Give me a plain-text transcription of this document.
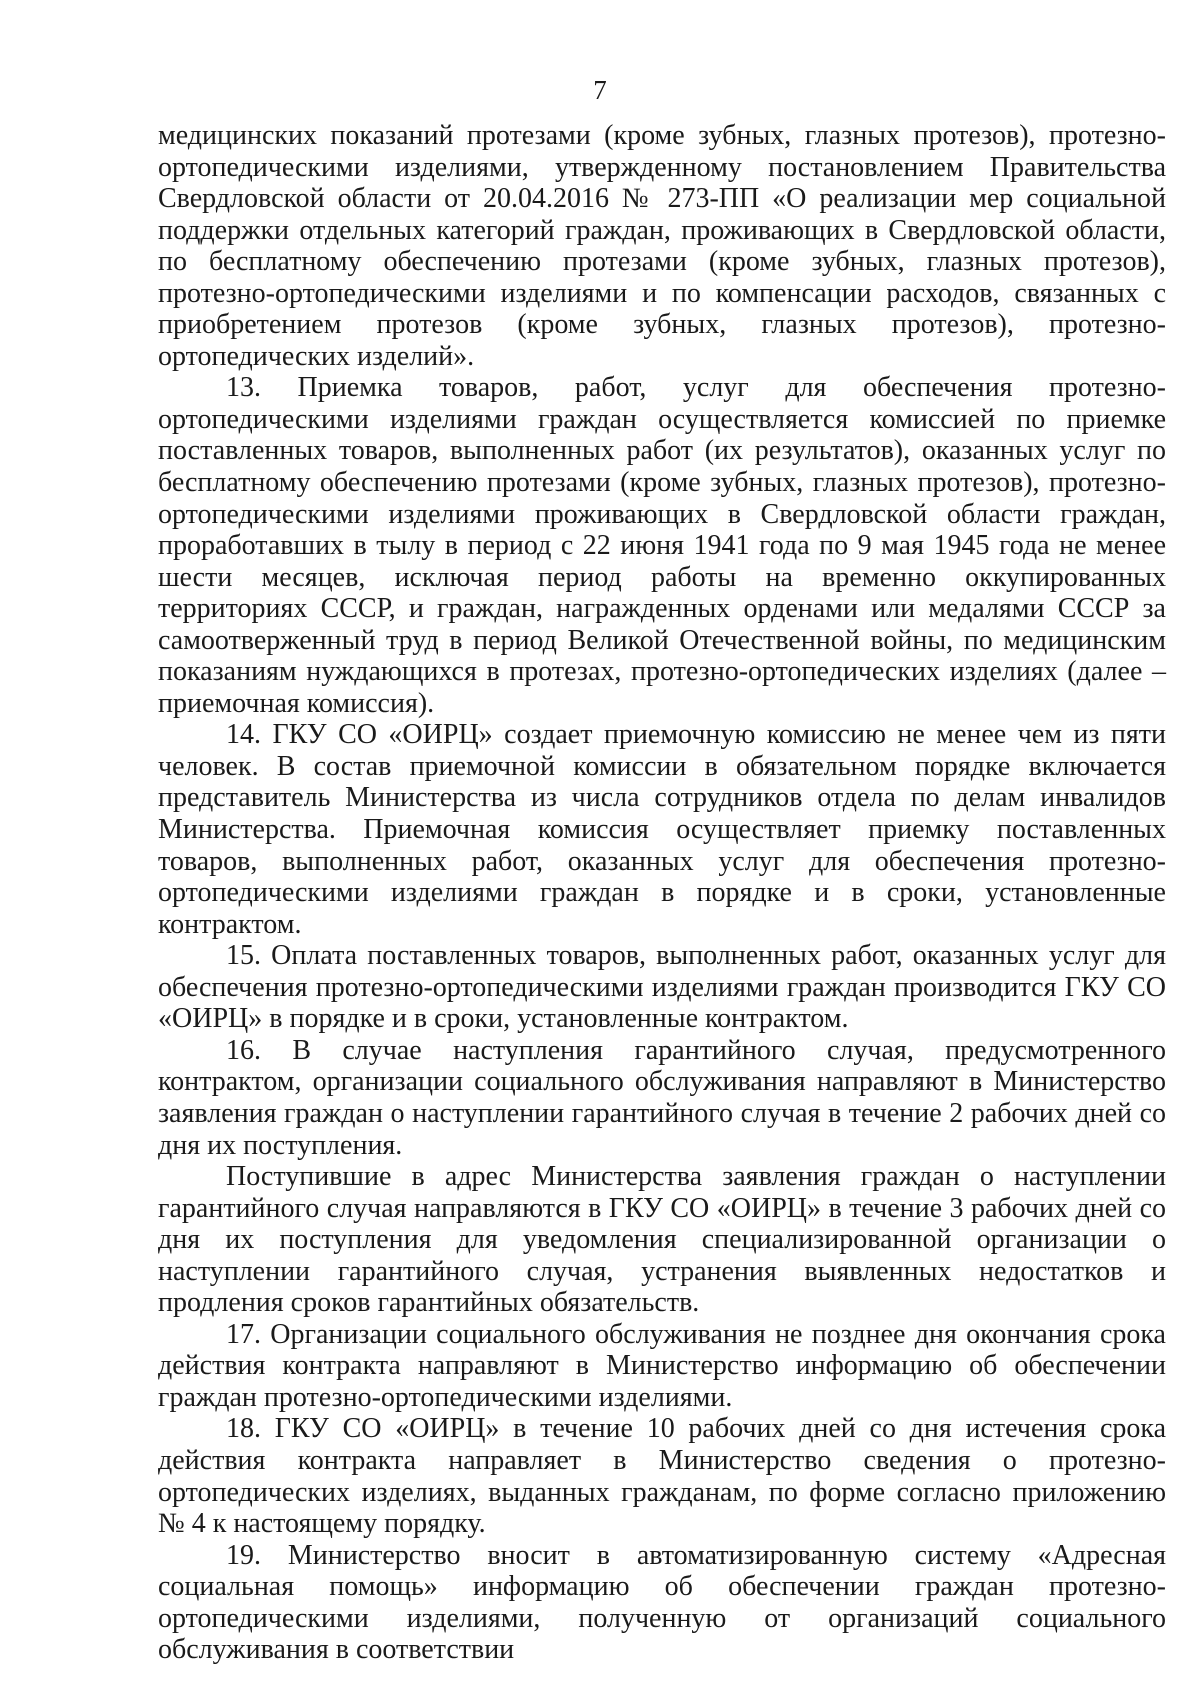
7

медицинских показаний протезами (кроме зубных, глазных протезов), протезно-ортопедическими изделиями, утвержденному постановлением Правительства Свердловской области от 20.04.2016 № 273-ПП «О реализации мер социальной поддержки отдельных категорий граждан, проживающих в Свердловской области, по бесплатному обеспечению протезами (кроме зубных, глазных протезов), протезно-ортопедическими изделиями и по компенсации расходов, связанных с приобретением протезов (кроме зубных, глазных протезов), протезно-ортопедических изделий».

13. Приемка товаров, работ, услуг для обеспечения протезно-ортопедическими изделиями граждан осуществляется комиссией по приемке поставленных товаров, выполненных работ (их результатов), оказанных услуг по бесплатному обеспечению протезами (кроме зубных, глазных протезов), протезно-ортопедическими изделиями проживающих в Свердловской области граждан, проработавших в тылу в период с 22 июня 1941 года по 9 мая 1945 года не менее шести месяцев, исключая период работы на временно оккупированных территориях СССР, и граждан, награжденных орденами или медалями СССР за самоотверженный труд в период Великой Отечественной войны, по медицинским показаниям нуждающихся в протезах, протезно-ортопедических изделиях (далее – приемочная комиссия).

14. ГКУ СО «ОИРЦ» создает приемочную комиссию не менее чем из пяти человек. В состав приемочной комиссии в обязательном порядке включается представитель Министерства из числа сотрудников отдела по делам инвалидов Министерства. Приемочная комиссия осуществляет приемку поставленных товаров, выполненных работ, оказанных услуг для обеспечения протезно-ортопедическими изделиями граждан в порядке и в сроки, установленные контрактом.

15. Оплата поставленных товаров, выполненных работ, оказанных услуг для обеспечения протезно-ортопедическими изделиями граждан производится ГКУ СО «ОИРЦ» в порядке и в сроки, установленные контрактом.

16. В случае наступления гарантийного случая, предусмотренного контрактом, организации социального обслуживания направляют в Министерство заявления граждан о наступлении гарантийного случая в течение 2 рабочих дней со дня их поступления.

Поступившие в адрес Министерства заявления граждан о наступлении гарантийного случая направляются в ГКУ СО «ОИРЦ» в течение 3 рабочих дней со дня их поступления для уведомления специализированной организации о наступлении гарантийного случая, устранения выявленных недостатков и продления сроков гарантийных обязательств.

17. Организации социального обслуживания не позднее дня окончания срока действия контракта направляют в Министерство информацию об обеспечении граждан протезно-ортопедическими изделиями.

18. ГКУ СО «ОИРЦ» в течение 10 рабочих дней со дня истечения срока действия контракта направляет в Министерство сведения о протезно-ортопедических изделиях, выданных гражданам, по форме согласно приложению № 4 к настоящему порядку.

19. Министерство вносит в автоматизированную систему «Адресная социальная помощь» информацию об обеспечении граждан протезно-ортопедическими изделиями, полученную от организаций социального обслуживания в соответствии
